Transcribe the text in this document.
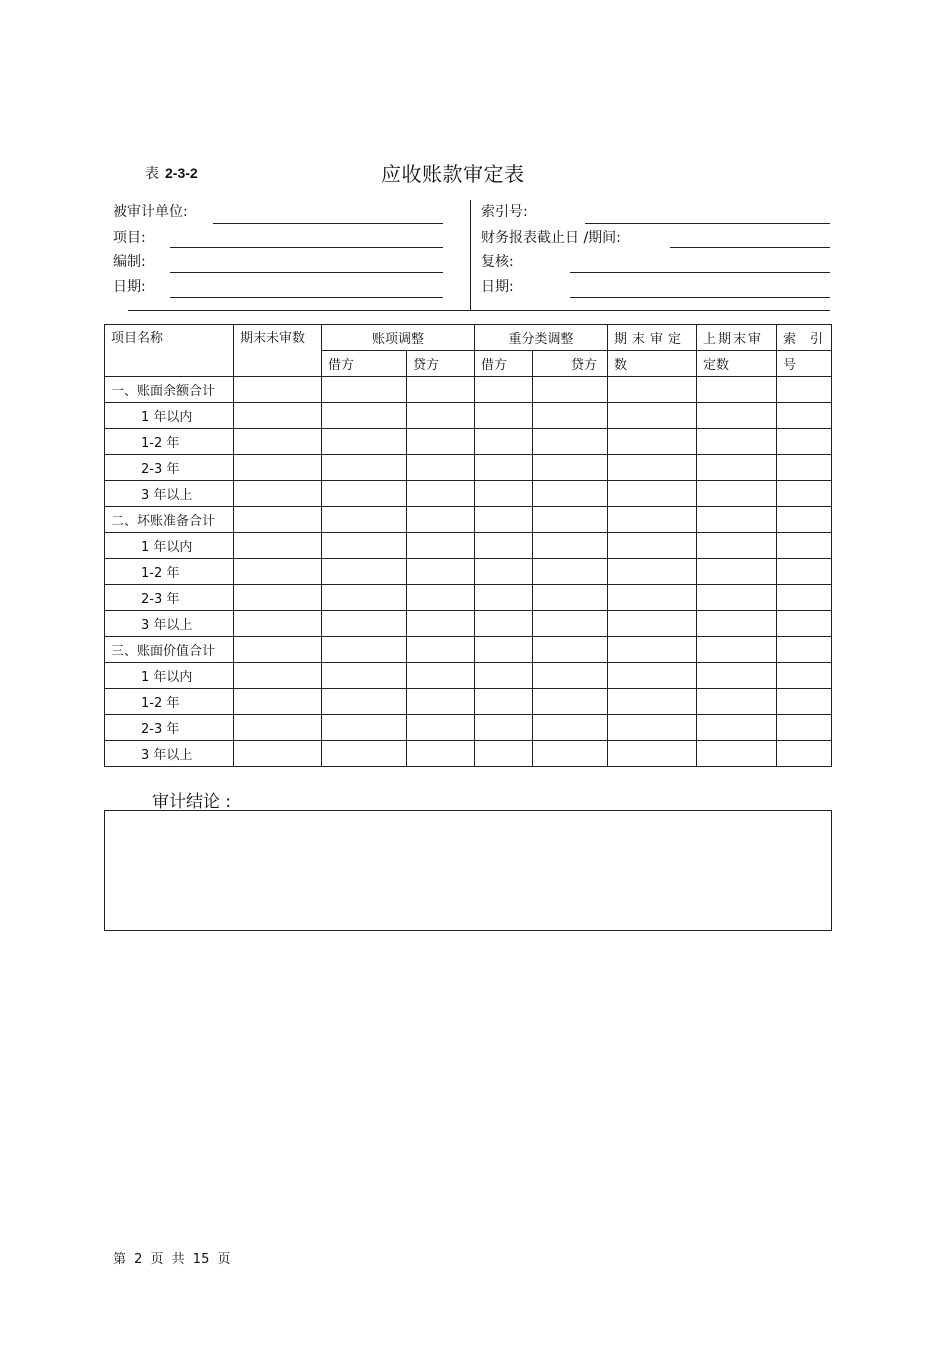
表 2-3-2	应收账款审定表
被审计单位:
项目:
编制:
日期:
索引号:
财务报表截止日 /期间:
复核:
日期:
项目名称	期末未审数	账项调整		重分类调整		期末审定	上期末审	索引
		借方	贷方	借方	贷方	数	定数	号
一、账面余额合计								
1 年以内								
1-2 年								
2-3 年								
3 年以上								
二、坏账准备合计								
1 年以内								
1-2 年								
2-3 年								
3 年以上								
三、账面价值合计								
1 年以内								
1-2 年								
2-3 年								
3 年以上								
审计结论 :
第 2 页 共 15 页
